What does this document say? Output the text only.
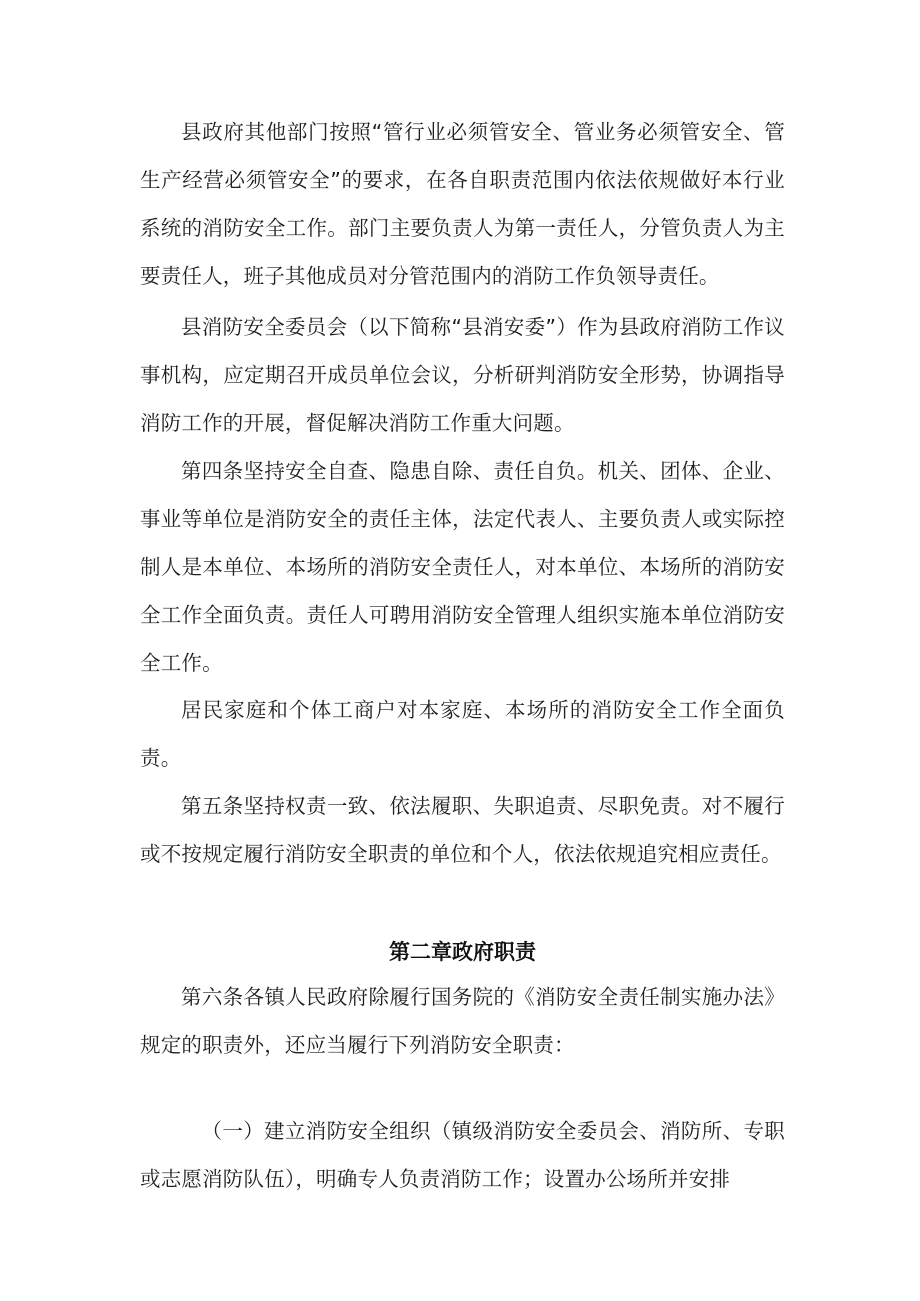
县政府其他部门按照“管行业必须管安全、管业务必须管安全、管生产经营必须管安全”的要求，在各自职责范围内依法依规做好本行业系统的消防安全工作。部门主要负责人为第一责任人，分管负责人为主要责任人，班子其他成员对分管范围内的消防工作负领导责任。

县消防安全委员会（以下简称“县消安委”）作为县政府消防工作议事机构，应定期召开成员单位会议，分析研判消防安全形势，协调指导消防工作的开展，督促解决消防工作重大问题。

第四条坚持安全自查、隐患自除、责任自负。机关、团体、企业、事业等单位是消防安全的责任主体，法定代表人、主要负责人或实际控制人是本单位、本场所的消防安全责任人，对本单位、本场所的消防安全工作全面负责。责任人可聘用消防安全管理人组织实施本单位消防安全工作。

居民家庭和个体工商户对本家庭、本场所的消防安全工作全面负责。

第五条坚持权责一致、依法履职、失职追责、尽职免责。对不履行或不按规定履行消防安全职责的单位和个人，依法依规追究相应责任。

第二章政府职责

第六条各镇人民政府除履行国务院的《消防安全责任制实施办法》规定的职责外，还应当履行下列消防安全职责：

（一）建立消防安全组织（镇级消防安全委员会、消防所、专职或志愿消防队伍），明确专人负责消防工作；设置办公场所并安排
